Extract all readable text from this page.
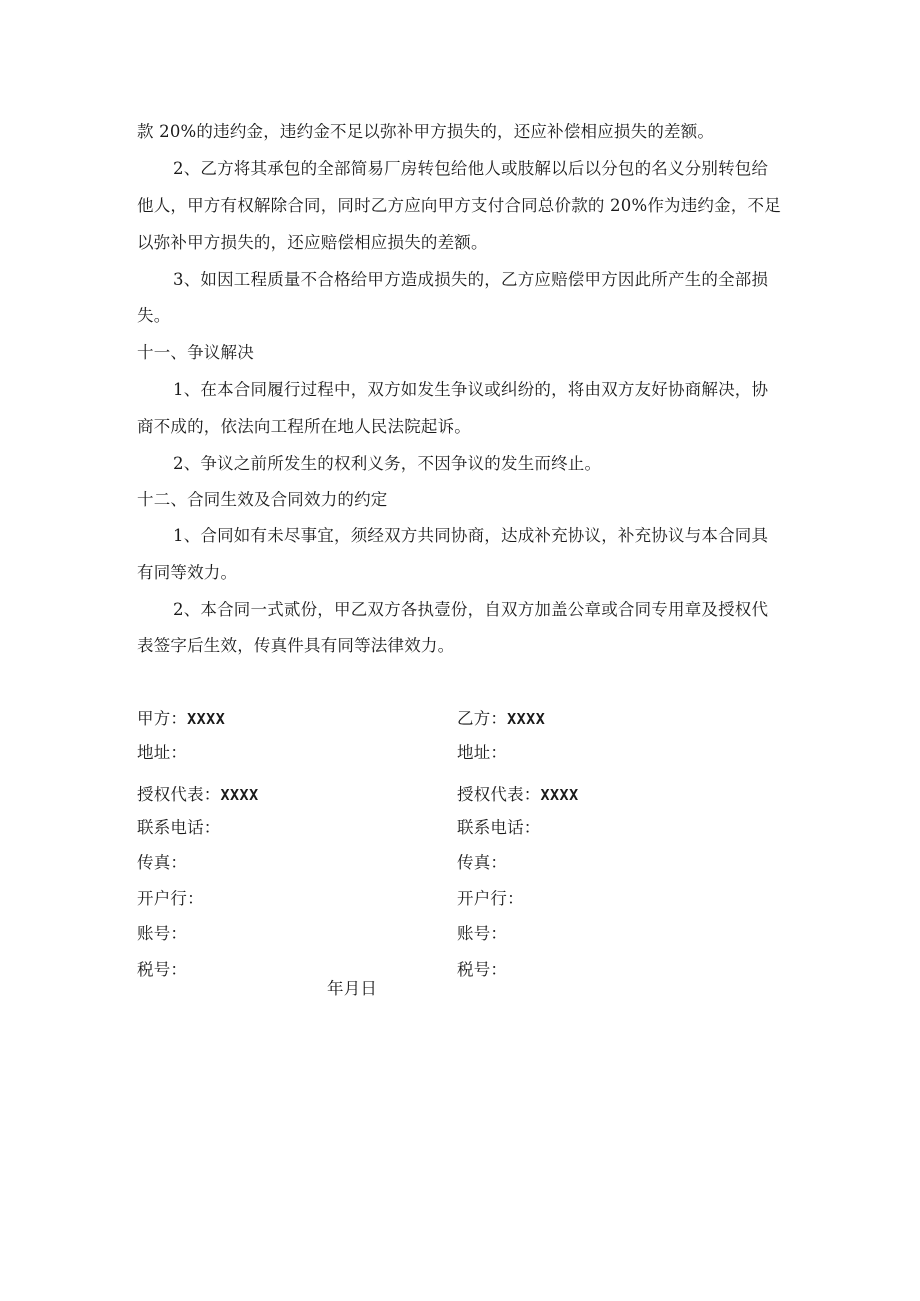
款 20%的违约金，违约金不足以弥补甲方损失的，还应补偿相应损失的差额。
2、乙方将其承包的全部简易厂房转包给他人或肢解以后以分包的名义分别转包给
他人，甲方有权解除合同，同时乙方应向甲方支付合同总价款的 20%作为违约金，不足
以弥补甲方损失的，还应赔偿相应损失的差额。
3、如因工程质量不合格给甲方造成损失的，乙方应赔偿甲方因此所产生的全部损
失。
十一、争议解决
1、在本合同履行过程中，双方如发生争议或纠纷的，将由双方友好协商解决，协
商不成的，依法向工程所在地人民法院起诉。
2、争议之前所发生的权利义务，不因争议的发生而终止。
十二、合同生效及合同效力的约定
1、合同如有未尽事宜，须经双方共同协商，达成补充协议，补充协议与本合同具
有同等效力。
2、本合同一式贰份，甲乙双方各执壹份，自双方加盖公章或合同专用章及授权代
表签字后生效，传真件具有同等法律效力。
甲方：XXXX
地址：
授权代表：XXXX
联系电话：
传真：
开户行：
账号：
税号：
乙方：XXXX
地址：
授权代表：XXXX
联系电话：
传真：
开户行：
账号：
税号：
年月日
